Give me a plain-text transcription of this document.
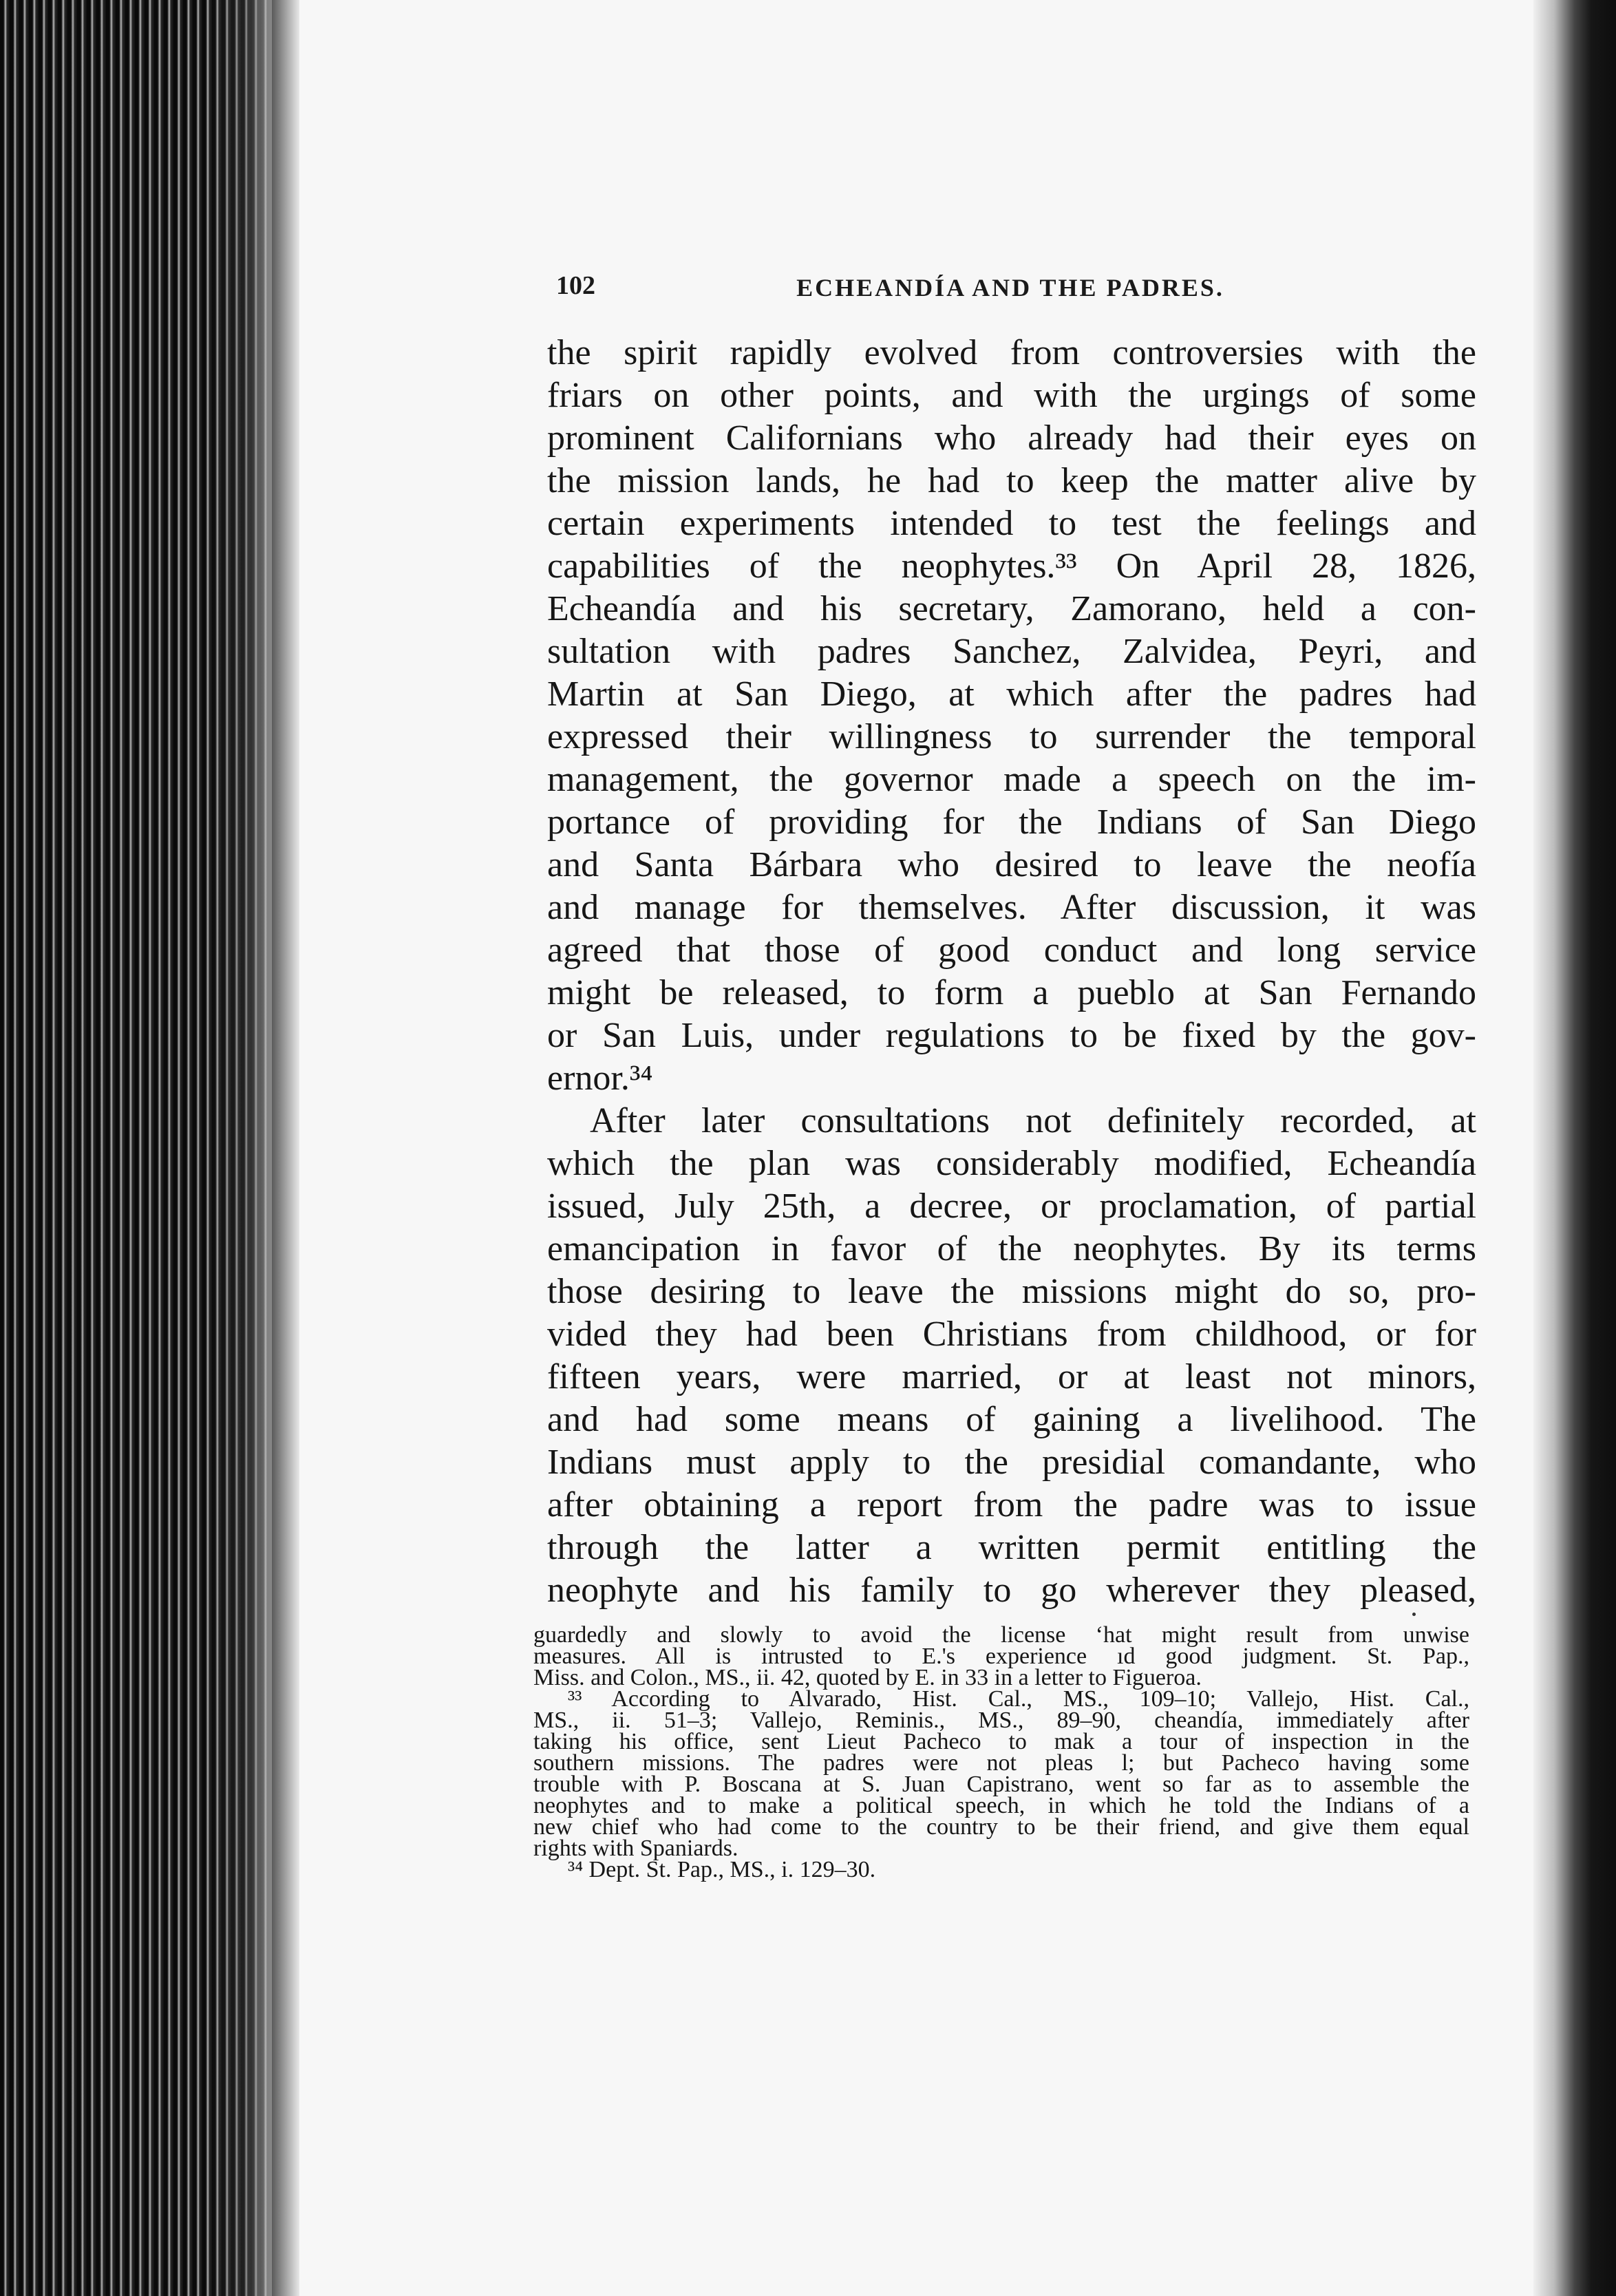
102	ECHEANDÍA AND THE PADRES.
the spirit rapidly evolved from controversies with the
friars on other points, and with the urgings of some
prominent Californians who already had their eyes on
the mission lands, he had to keep the matter alive by
certain experiments intended to test the feelings and
capabilities of the neophytes.³³ On April 28, 1826,
Echeandía and his secretary, Zamorano, held a con-
sultation with padres Sanchez, Zalvidea, Peyri, and
Martin at San Diego, at which after the padres had
expressed their willingness to surrender the temporal
management, the governor made a speech on the im-
portance of providing for the Indians of San Diego
and Santa Bárbara who desired to leave the neofía
and manage for themselves. After discussion, it was
agreed that those of good conduct and long service
might be released, to form a pueblo at San Fernando
or San Luis, under regulations to be fixed by the gov-
ernor.³⁴
After later consultations not definitely recorded, at
which the plan was considerably modified, Echeandía
issued, July 25th, a decree, or proclamation, of partial
emancipation in favor of the neophytes. By its terms
those desiring to leave the missions might do so, pro-
vided they had been Christians from childhood, or for
fifteen years, were married, or at least not minors,
and had some means of gaining a livelihood. The
Indians must apply to the presidial comandante, who
after obtaining a report from the padre was to issue
through the latter a written permit entitling the
neophyte and his family to go wherever they pleased,
guardedly and slowly to avoid the license ʻhat might result from unwise
measures. All is intrusted to E.'s experience ıd good judgment. St. Pap.,
Miss. and Colon., MS., ii. 42, quoted by E. in 33 in a letter to Figueroa.
³³ According to Alvarado, Hist. Cal., MS., 109–10; Vallejo, Hist. Cal.,
MS., ii. 51–3; Vallejo, Reminis., MS., 89–90, cheandía, immediately after
taking his office, sent Lieut Pacheco to mak a tour of inspection in the
southern missions. The padres were not pleas l; but Pacheco having some
trouble with P. Boscana at S. Juan Capistrano, went so far as to assemble the
neophytes and to make a political speech, in which he told the Indians of a
new chief who had come to the country to be their friend, and give them equal
rights with Spaniards.
³⁴ Dept. St. Pap., MS., i. 129–30.
